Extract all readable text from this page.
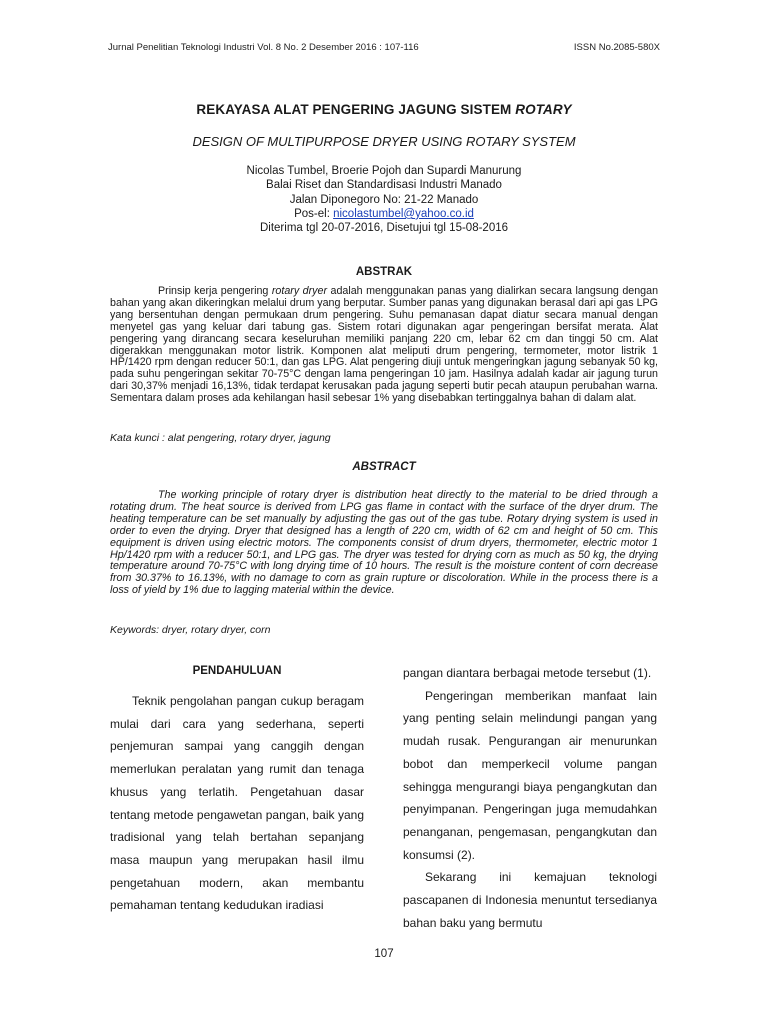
Jurnal Penelitian Teknologi Industri Vol. 8 No. 2 Desember 2016 : 107-116	ISSN No.2085-580X
REKAYASA ALAT PENGERING JAGUNG SISTEM ROTARY
DESIGN OF MULTIPURPOSE DRYER USING ROTARY SYSTEM
Nicolas Tumbel, Broerie Pojoh dan Supardi Manurung
Balai Riset dan Standardisasi Industri Manado
Jalan Diponegoro No: 21-22 Manado
Pos-el: nicolastumbel@yahoo.co.id
Diterima tgl 20-07-2016, Disetujui tgl 15-08-2016
ABSTRAK

Prinsip kerja pengering rotary dryer adalah menggunakan panas yang dialirkan secara langsung dengan bahan yang akan dikeringkan melalui drum yang berputar. Sumber panas yang digunakan berasal dari api gas LPG yang bersentuhan dengan permukaan drum pengering. Suhu pemanasan dapat diatur secara manual dengan menyetel gas yang keluar dari tabung gas. Sistem rotari digunakan agar pengeringan bersifat merata. Alat pengering yang dirancang secara keseluruhan memiliki panjang 220 cm, lebar 62 cm dan tinggi 50 cm. Alat digerakkan menggunakan motor listrik. Komponen alat meliputi drum pengering, termometer, motor listrik 1 HP/1420 rpm dengan reducer 50:1, dan gas LPG. Alat pengering diuji untuk mengeringkan jagung sebanyak 50 kg, pada suhu pengeringan sekitar 70-75°C dengan lama pengeringan 10 jam. Hasilnya adalah kadar air jagung turun dari 30,37% menjadi 16,13%, tidak terdapat kerusakan pada jagung seperti butir pecah ataupun perubahan warna. Sementara dalam proses ada kehilangan hasil sebesar 1% yang disebabkan tertinggalnya bahan di dalam alat.

Kata kunci : alat pengering, rotary dryer, jagung
ABSTRACT

The working principle of rotary dryer is distribution heat directly to the material to be dried through a rotating drum. The heat source is derived from LPG gas flame in contact with the surface of the dryer drum. The heating temperature can be set manually by adjusting the gas out of the gas tube. Rotary drying system is used in order to even the drying. Dryer that designed has a length of 220 cm, width of 62 cm and height of 50 cm. This equipment is driven using electric motors. The components consist of drum dryers, thermometer, electric motor 1 Hp/1420 rpm with a reducer 50:1, and LPG gas. The dryer was tested for drying corn as much as 50 kg, the drying temperature around 70-75°C with long drying time of 10 hours. The result is the moisture content of corn decrease from 30.37% to 16.13%, with no damage to corn as grain rupture or discoloration. While in the process there is a loss of yield by 1% due to lagging material within the device.

Keywords: dryer, rotary dryer, corn
PENDAHULUAN

Teknik pengolahan pangan cukup beragam mulai dari cara yang sederhana, seperti penjemuran sampai yang canggih dengan memerlukan peralatan yang rumit dan tenaga khusus yang terlatih. Pengetahuan dasar tentang metode pengawetan pangan, baik yang tradisional yang telah bertahan sepanjang masa maupun yang merupakan hasil ilmu pengetahuan modern, akan membantu pemahaman tentang kedudukan iradiasi

pangan diantara berbagai metode tersebut (1).

Pengeringan memberikan manfaat lain yang penting selain melindungi pangan yang mudah rusak. Pengurangan air menurunkan bobot dan memperkecil volume pangan sehingga mengurangi biaya pengangkutan dan penyimpanan. Pengeringan juga memudahkan penanganan, pengemasan, pengangkutan dan konsumsi (2).

Sekarang ini kemajuan teknologi pascapanen di Indonesia menuntut tersedianya bahan baku yang bermutu

107
